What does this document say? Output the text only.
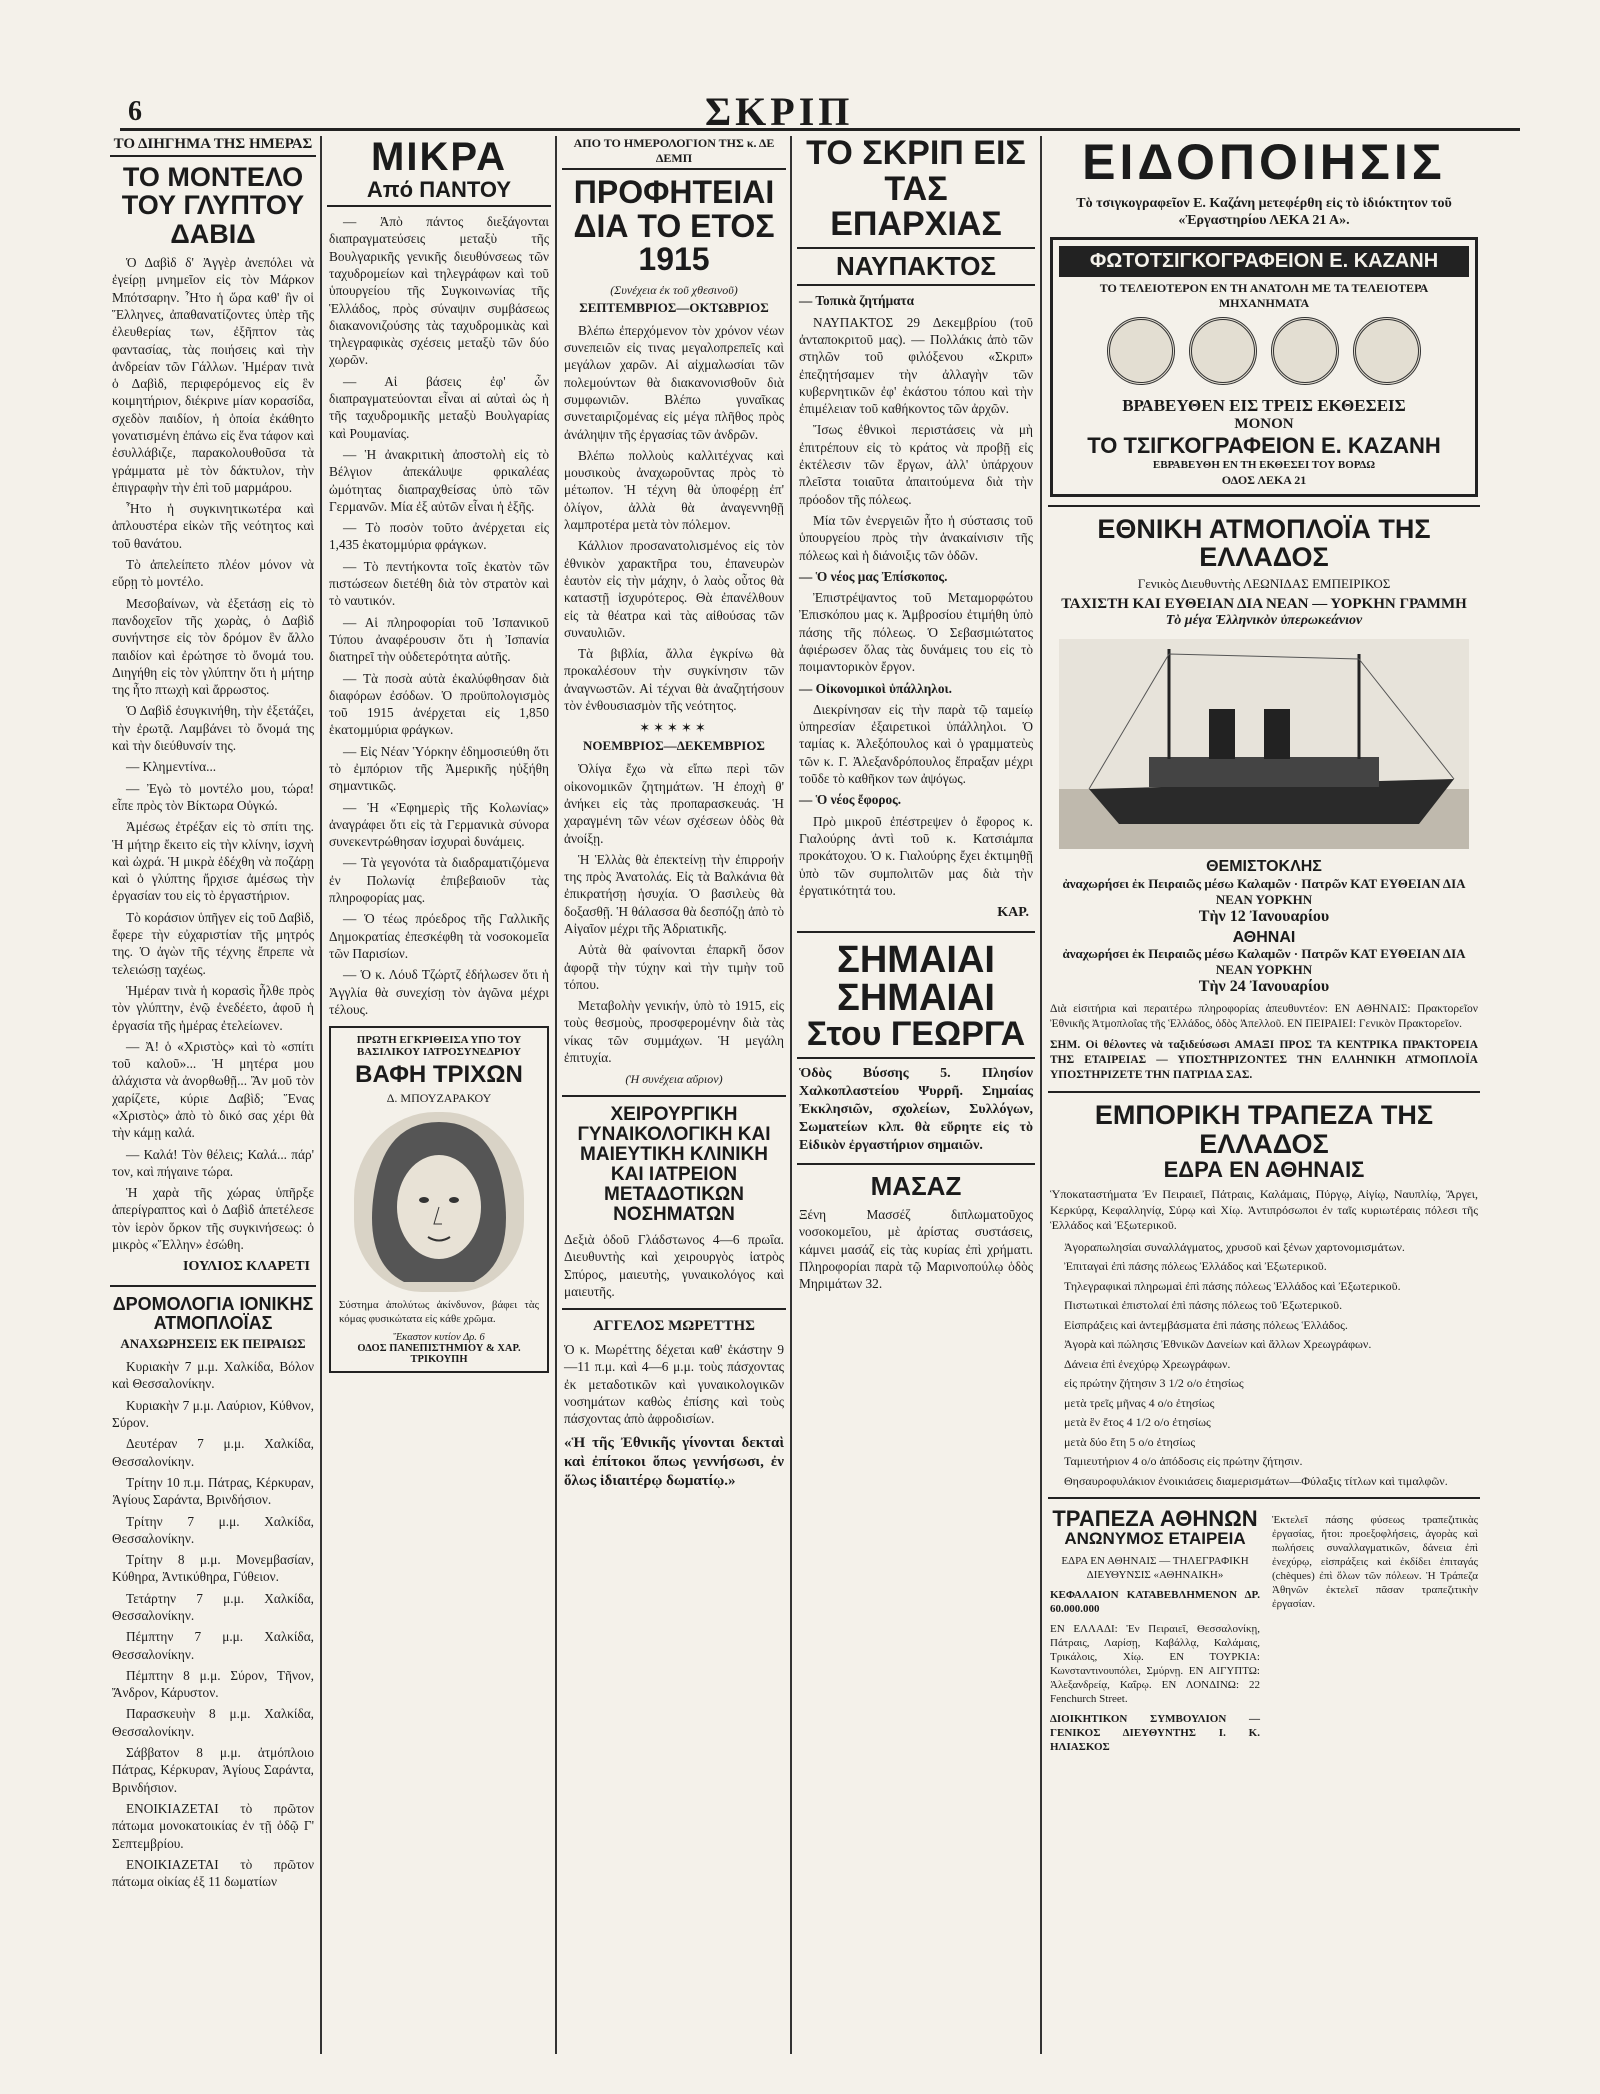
6	ΣΚΡΙΠ
ΤΟ ΔΙΗΓΗΜΑ ΤΗΣ ΗΜΕΡΑΣ
ΤΟ ΜΟΝΤΕΛΟ ΤΟΥ ΓΛΥΠΤΟΥ ΔΑΒΙΔ

Ὁ Δαβὶδ δ' Ἀγγὲρ ἀνεπόλει νὰ ἐγείρῃ μνημεῖον εἰς τὸν Μάρκον Μπότσαρην. Ἦτο ἡ ὥρα καθ' ἣν οἱ Ἕλληνες, ἀπαθανατίζοντες ὑπὲρ τῆς ἐλευθερίας των, ἐξῆπτον τὰς φαντασίας, τὰς ποιήσεις καὶ τὴν ἀνδρείαν τῶν Γάλλων. Ἡμέραν τινὰ ὁ Δαβὶδ, περιφερόμενος εἰς ἓν κοιμητήριον, διέκρινε μίαν κορασίδα, σχεδὸν παιδίον, ἡ ὁποία ἐκάθητο γονατισμένη ἐπάνω εἰς ἕνα τάφον καὶ ἐσυλλάβιζε, παρακολουθοῦσα τὰ γράμματα μὲ τὸν δάκτυλον, τὴν ἐπιγραφὴν τὴν ἐπὶ τοῦ μαρμάρου.

Ἦτο ἡ συγκινητικωτέρα καὶ ἁπλουστέρα εἰκὼν τῆς νεότητος καὶ τοῦ θανάτου.

Τὸ ἀπελείπετο πλέον μόνον νὰ εὕρῃ τὸ μοντέλο.

Μεσοβαίνων, νὰ ἐξετάσῃ εἰς τὸ πανδοχεῖον τῆς χωρὰς, ὁ Δαβὶδ συνήντησε εἰς τὸν δρόμον ἓν ἄλλο παιδίον καὶ ἐρώτησε τὸ ὄνομά του. Διηγήθη εἰς τὸν γλύπτην ὅτι ἡ μήτηρ της ἦτο πτωχὴ καὶ ἄρρωστος.

Ὁ Δαβὶδ ἐσυγκινήθη, τὴν ἐξετάζει, τὴν ἐρωτᾷ. Λαμβάνει τὸ ὄνομά της καὶ τὴν διεύθυνσίν της.

— Κλημεντίνα...

— Ἐγὼ τὸ μοντέλο μου, τώρα! εἶπε πρὸς τὸν Βίκτωρα Οὐγκώ.

Ἀμέσως ἐτρέξαν εἰς τὸ σπίτι της. Ἡ μήτηρ ἔκειτο εἰς τὴν κλίνην, ἰσχνὴ καὶ ὠχρά. Ἡ μικρὰ ἐδέχθη νὰ ποζάρῃ καὶ ὁ γλύπτης ἤρχισε ἀμέσως τὴν ἐργασίαν του εἰς τὸ ἐργαστήριον.

Τὸ κοράσιον ὑπῆγεν εἰς τοῦ Δαβὶδ, ἔφερε τὴν εὐχαριστίαν τῆς μητρός της. Ὁ ἀγὼν τῆς τέχνης ἔπρεπε νὰ τελειώσῃ ταχέως.

Ἡμέραν τινὰ ἡ κορασὶς ἦλθε πρὸς τὸν γλύπτην, ἐνῷ ἐνεδέετο, ἀφοῦ ἡ ἐργασία τῆς ἡμέρας ἐτελείωνεν.

— Ἀ! ὁ «Χριστὸς» καὶ τὸ «σπίτι τοῦ καλοῦ»... Ἡ μητέρα μου ἀλάχιστα νὰ ἀνορθωθῇ... Ἂν μοῦ τὸν χαρίζετε, κύριε Δαβὶδ; Ἕνας «Χριστὸς» ἀπὸ τὸ δικό σας χέρι θὰ τὴν κάμῃ καλά.

— Καλά! Τὸν θέλεις; Καλά... πάρ' τον, καὶ πήγαινε τώρα.

Ἡ χαρὰ τῆς χώρας ὑπῆρξε ἀπερίγραπτος καὶ ὁ Δαβὶδ ἀπετέλεσε τὸν ἱερὸν ὅρκον τῆς συγκινήσεως: ὁ μικρὸς «Ἕλλην» ἐσώθη.

ΙΟΥΛΙΟΣ ΚΛΑΡΕΤΙ
ΔΡΟΜΟΛΟΓΙΑ ΙΟΝΙΚΗΣ ΑΤΜΟΠΛΟΪΑΣ
ΑΝΑΧΩΡΗΣΕΙΣ ΕΚ ΠΕΙΡΑΙΩΣ

Κυριακὴν 7 μ.μ. Χαλκίδα, Βόλον καὶ Θεσσαλονίκην.

Κυριακὴν 7 μ.μ. Λαύριον, Κύθνον, Σύρον.

Δευτέραν 7 μ.μ. Χαλκίδα, Θεσσαλονίκην.

Τρίτην 10 π.μ. Πάτρας, Κέρκυραν, Ἁγίους Σαράντα, Βρινδήσιον.

Τρίτην 7 μ.μ. Χαλκίδα, Θεσσαλονίκην.

Τρίτην 8 μ.μ. Μονεμβασίαν, Κύθηρα, Ἀντικύθηρα, Γύθειον.

Τετάρτην 7 μ.μ. Χαλκίδα, Θεσσαλονίκην.

Πέμπτην 7 μ.μ. Χαλκίδα, Θεσσαλονίκην.

Πέμπτην 8 μ.μ. Σύρον, Τῆνον, Ἄνδρον, Κάρυστον.

Παρασκευὴν 8 μ.μ. Χαλκίδα, Θεσσαλονίκην.

Σάββατον 8 μ.μ. ἀτμόπλοιο Πάτρας, Κέρκυραν, Ἁγίους Σαράντα, Βρινδήσιον.

ΕΝΟΙΚΙΑΖΕΤΑΙ τὸ πρῶτον πάτωμα μονοκατοικίας ἐν τῇ ὁδῷ Γ' Σεπτεμβρίου.

ΕΝΟΙΚΙΑΖΕΤΑΙ τὸ πρῶτον πάτωμα οἰκίας ἐξ 11 δωματίων

ΜΙΚΡΑ
Από ΠΑΝΤΟΥ

— Ἀπὸ πάντος διεξάγονται διαπραγματεύσεις μεταξὺ τῆς Βουλγαρικῆς γενικῆς διευθύνσεως τῶν ταχυδρομείων καὶ τηλεγράφων καὶ τοῦ ὑπουργείου τῆς Συγκοινωνίας τῆς Ἑλλάδος, πρὸς σύναψιν συμβάσεως διακανονιζούσης τὰς ταχυδρομικὰς καὶ τηλεγραφικὰς σχέσεις μεταξὺ τῶν δύο χωρῶν.

— Αἱ βάσεις ἐφ' ὧν διαπραγματεύονται εἶναι αἱ αὐταὶ ὡς ἡ τῆς ταχυδρομικῆς μεταξὺ Βουλγαρίας καὶ Ρουμανίας.

— Ἡ ἀνακριτικὴ ἀποστολὴ εἰς τὸ Βέλγιον ἀπεκάλυψε φρικαλέας ὠμότητας διαπραχθείσας ὑπὸ τῶν Γερμανῶν. Μία ἐξ αὐτῶν εἶναι ἡ ἑξῆς.

— Τὸ ποσὸν τοῦτο ἀνέρχεται εἰς 1,435 ἑκατομμύρια φράγκων.

— Τὸ πεντήκοντα τοῖς ἑκατὸν τῶν πιστώσεων διετέθη διὰ τὸν στρατὸν καὶ τὸ ναυτικόν.

— Αἱ πληροφορίαι τοῦ Ἰσπανικοῦ Τύπου ἀναφέρουσιν ὅτι ἡ Ἰσπανία διατηρεῖ τὴν οὐδετερότητα αὐτῆς.

— Τὰ ποσὰ αὐτὰ ἐκαλύφθησαν διὰ διαφόρων ἐσόδων. Ὁ προϋπολογισμὸς τοῦ 1915 ἀνέρχεται εἰς 1,850 ἑκατομμύρια φράγκων.

— Εἰς Νέαν Ὑόρκην ἐδημοσιεύθη ὅτι τὸ ἐμπόριον τῆς Ἀμερικῆς ηὐξήθη σημαντικῶς.

— Ἡ «Ἐφημερὶς τῆς Κολωνίας» ἀναγράφει ὅτι εἰς τὰ Γερμανικὰ σύνορα συνεκεντρώθησαν ἰσχυραὶ δυνάμεις.

— Τὰ γεγονότα τὰ διαδραματιζόμενα ἐν Πολωνίᾳ ἐπιβεβαιοῦν τὰς πληροφορίας μας.

— Ὁ τέως πρόεδρος τῆς Γαλλικῆς Δημοκρατίας ἐπεσκέφθη τὰ νοσοκομεῖα τῶν Παρισίων.

— Ὁ κ. Λόυδ Τζώρτζ ἐδήλωσεν ὅτι ἡ Ἀγγλία θὰ συνεχίσῃ τὸν ἀγῶνα μέχρι τέλους.

ΠΡΩΤΗ ΕΓΚΡΙΘΕΙΣΑ ΥΠΟ ΤΟΥ ΒΑΣΙΛΙΚΟΥ ΙΑΤΡΟΣΥΝΕΔΡΙΟΥ
ΒΑΦΗ ΤΡΙΧΩΝ
Δ. ΜΠΟΥΖΑΡΑΚΟΥ
Σύστημα ἀπολύτως ἀκίνδυνον, βάφει τὰς κόμας φυσικώτατα εἰς κάθε χρῶμα.
Ἕκαστον κυτίον Δρ. 6
ΟΔΟΣ ΠΑΝΕΠΙΣΤΗΜΙΟΥ & ΧΑΡ. ΤΡΙΚΟΥΠΗ
ΑΠΟ ΤΟ ΗΜΕΡΟΛΟΓΙΟΝ ΤΗΣ κ. ΔΕ ΔΕΜΠ
ΠΡΟΦΗΤΕΙΑΙ ΔΙΑ ΤΟ ΕΤΟΣ 1915
(Συνέχεια ἐκ τοῦ χθεσινοῦ)
ΣΕΠΤΕΜΒΡΙΟΣ—ΟΚΤΩΒΡΙΟΣ

Βλέπω ἐπερχόμενον τὸν χρόνον νέων συνεπειῶν εἰς τινας μεγαλοπρεπεῖς καὶ μεγάλων χαρῶν. Αἱ αἰχμαλωσίαι τῶν πολεμούντων θὰ διακανονισθοῦν διὰ συμφωνιῶν. Βλέπω γυναῖκας συνεταιριζομένας εἰς μέγα πλῆθος πρὸς ἀνάληψιν τῆς ἐργασίας τῶν ἀνδρῶν.

Βλέπω πολλοὺς καλλιτέχνας καὶ μουσικοὺς ἀναχωροῦντας πρὸς τὸ μέτωπον. Ἡ τέχνη θὰ ὑποφέρῃ ἐπ' ὀλίγον, ἀλλὰ θὰ ἀναγεννηθῇ λαμπροτέρα μετὰ τὸν πόλεμον.

Κάλλιον προσανατολισμένος εἰς τὸν ἐθνικὸν χαρακτῆρα του, ἐπανευρὼν ἑαυτὸν εἰς τὴν μάχην, ὁ λαὸς οὗτος θὰ καταστῇ ἰσχυρότερος. Θὰ ἐπανέλθουν εἰς τὰ θέατρα καὶ τὰς αἰθούσας τῶν συναυλιῶν.

Τὰ βιβλία, ἄλλα ἐγκρίνω θὰ προκαλέσουν τὴν συγκίνησιν τῶν ἀναγνωστῶν. Αἱ τέχναι θὰ ἀναζητήσουν τὸν ἐνθουσιασμὸν τῆς νεότητος.

✶✶✶✶✶
ΝΟΕΜΒΡΙΟΣ—ΔΕΚΕΜΒΡΙΟΣ

Ὀλίγα ἔχω νὰ εἴπω περὶ τῶν οἰκονομικῶν ζητημάτων. Ἡ ἐποχὴ θ' ἀνήκει εἰς τὰς προπαρασκευάς. Ἡ χαραγμένη τῶν νέων σχέσεων ὁδὸς θὰ ἀνοίξῃ.

Ἡ Ἑλλὰς θὰ ἐπεκτείνῃ τὴν ἐπιρροήν της πρὸς Ἀνατολάς. Εἰς τὰ Βαλκάνια θὰ ἐπικρατήσῃ ἡσυχία. Ὁ βασιλεὺς θὰ δοξασθῇ. Ἡ θάλασσα θὰ δεσπόζῃ ἀπὸ τὸ Αἰγαῖον μέχρι τῆς Ἀδριατικῆς.

Αὐτὰ θὰ φαίνονται ἐπαρκῆ ὅσον ἀφορᾷ τὴν τύχην καὶ τὴν τιμὴν τοῦ τόπου.

Μεταβολὴν γενικήν, ὑπὸ τὸ 1915, εἰς τοὺς θεσμοὺς, προσφερομένην διὰ τὰς νίκας τῶν συμμάχων. Ἡ μεγάλη ἐπιτυχία.

(Ἡ συνέχεια αὔριον)
ΧΕΙΡΟΥΡΓΙΚΗ ΓΥΝΑΙΚΟΛΟΓΙΚΗ ΚΑΙ ΜΑΙΕΥΤΙΚΗ ΚΛΙΝΙΚΗ ΚΑΙ ΙΑΤΡΕΙΟΝ ΜΕΤΑΔΟΤΙΚΩΝ ΝΟΣΗΜΑΤΩΝ
Δεξιὰ ὁδοῦ Γλάδστωνος 4—6 πρωΐα. Διευθυντὴς καὶ χειρουργὸς ἰατρὸς Σπύρος, μαιευτὴς, γυναικολόγος καὶ μαιευτῆς.
ΑΓΓΕΛΟΣ ΜΩΡΕΤΤΗΣ
Ὁ κ. Μωρέττης δέχεται καθ' ἑκάστην 9—11 π.μ. καὶ 4—6 μ.μ. τοὺς πάσχοντας ἐκ μεταδοτικῶν καὶ γυναικολογικῶν νοσημάτων καθὼς ἐπίσης καὶ τοὺς πάσχοντας ἀπὸ ἀφροδισίων.
«Ἡ τῆς Ἐθνικῆς γίνονται δεκταὶ καὶ ἐπίτοκοι ὅπως γεννήσωσι, ἐν ὅλως ἰδιαιτέρῳ δωματίῳ.»
ΤΟ ΣΚΡΙΠ ΕΙΣ ΤΑΣ ΕΠΑΡΧΙΑΣ
ΝΑΥΠΑΚΤΟΣ

— Τοπικὰ ζητήματα

ΝΑΥΠΑΚΤΟΣ 29 Δεκεμβρίου (τοῦ ἀνταποκριτοῦ μας). — Πολλάκις ἀπὸ τῶν στηλῶν τοῦ φιλόξενου «Σκριπ» ἐπεζητήσαμεν τὴν ἀλλαγὴν τῶν κυβερνητικῶν ἐφ' ἑκάστου τόπου καὶ τὴν ἐπιμέλειαν τοῦ καθήκοντος τῶν ἀρχῶν.

Ἴσως ἐθνικοὶ περιστάσεις νὰ μὴ ἐπιτρέπουν εἰς τὸ κράτος νὰ προβῇ εἰς ἐκτέλεσιν τῶν ἔργων, ἀλλ' ὑπάρχουν πλεῖστα τοιαῦτα ἀπαιτούμενα διὰ τὴν πρόοδον τῆς πόλεως.

Μία τῶν ἐνεργειῶν ἦτο ἡ σύστασις τοῦ ὑπουργείου πρὸς τὴν ἀνακαίνισιν τῆς πόλεως καὶ ἡ διάνοιξις τῶν ὁδῶν.

— Ὁ νέος μας Ἐπίσκοπος.

Ἐπιστρέψαντος τοῦ Μεταμορφώτου Ἐπισκόπου μας κ. Ἀμβροσίου ἐτιμήθη ὑπὸ πάσης τῆς πόλεως. Ὁ Σεβασμιώτατος ἀφιέρωσεν ὅλας τὰς δυνάμεις του εἰς τὸ ποιμαντορικὸν ἔργον.

— Οἰκονομικοὶ ὑπάλληλοι.

Διεκρίνησαν εἰς τὴν παρὰ τῷ ταμείῳ ὑπηρεσίαν ἐξαιρετικοὶ ὑπάλληλοι. Ὁ ταμίας κ. Ἀλεξόπουλος καὶ ὁ γραμματεὺς τῶν κ. Γ. Ἀλεξανδρόπουλος ἔπραξαν μέχρι τοῦδε τὸ καθῆκον των ἀψόγως.

— Ὁ νέος ἔφορος.

Πρὸ μικροῦ ἐπέστρεψεν ὁ ἔφορος κ. Γιαλούρης ἀντὶ τοῦ κ. Κατσιάμπα προκάτοχου. Ὁ κ. Γιαλούρης ἔχει ἐκτιμηθῇ ὑπὸ τῶν συμπολιτῶν μας διὰ τὴν ἐργατικότητά του.

ΚΑΡ.
ΣΗΜΑΙΑΙ ΣΗΜΑΙΑΙ
Στου ΓΕΩΡΓΑ
Ὁδὸς Βύσσης 5. Πλησίον Χαλκοπλαστείου Ψυρρῆ. Σημαίας Ἐκκλησιῶν, σχολείων, Συλλόγων, Σωματείων κλπ. θὰ εὕρητε εἰς τὸ Εἰδικὸν ἐργαστήριον σημαιῶν.
ΜΑΣΑΖ
Ξένη Μασσέζ διπλωματοῦχος νοσοκομεῖου, μὲ ἀρίστας συστάσεις, κάμνει μασάζ εἰς τὰς κυρίας ἐπὶ χρήματι. Πληροφορίαι παρὰ τῷ Μαρινοπούλῳ ὁδὸς Μηριμάτων 32.
ΕΙΔΟΠΟΙΗΣΙΣ
Τὸ τσιγκογραφεῖον Ε. Καζάνη μετεφέρθη εἰς τὸ ἰδιόκτητον τοῦ «Ἐργαστηρίου ΛΕΚΑ 21 Α».
ΦΩΤΟΤΣΙΓΚΟΓΡΑΦΕΙΟΝ Ε. ΚΑΖΑΝΗ
ΤΟ ΤΕΛΕΙΟΤΕΡΟΝ ΕΝ ΤΗ ΑΝΑΤΟΛΗ ΜΕ ΤΑ ΤΕΛΕΙΟΤΕΡΑ ΜΗΧΑΝΗΜΑΤΑ

ΒΡΑΒΕΥΘΕΝ ΕΙΣ ΤΡΕΙΣ ΕΚΘΕΣΕΙΣ
ΜΟΝΟΝ
ΤΟ ΤΣΙΓΚΟΓΡΑΦΕΙΟΝ Ε. ΚΑΖΑΝΗ
ΕΒΡΑΒΕΥΘΗ ΕΝ ΤΗ ΕΚΘΕΣΕΙ ΤΟΥ ΒΟΡΔΩ
ΟΔΟΣ ΛΕΚΑ 21
ΕΘΝΙΚΗ ΑΤΜΟΠΛΟΪΑ ΤΗΣ ΕΛΛΑΔΟΣ
Γενικὸς Διευθυντὴς ΛΕΩΝΙΔΑΣ ΕΜΠΕΙΡΙΚΟΣ
ΤΑΧΙΣΤΗ ΚΑΙ ΕΥΘΕΙΑΝ ΔΙΑ ΝΕΑΝ — ΥΟΡΚΗΝ ΓΡΑΜΜΗ
Τὸ μέγα Ἑλληνικὸν ὑπερωκεάνιον
ΘΕΜΙΣΤΟΚΛΗΣ
ἀναχωρήσει ἐκ Πειραιῶς μέσω Καλαμῶν · Πατρῶν ΚΑΤ ΕΥΘΕΙΑΝ ΔΙΑ ΝΕΑΝ ΥΟΡΚΗΝ
Τὴν 12 Ἰανουαρίου
ΑΘΗΝΑΙ
ἀναχωρήσει ἐκ Πειραιῶς μέσω Καλαμῶν · Πατρῶν ΚΑΤ ΕΥΘΕΙΑΝ ΔΙΑ ΝΕΑΝ ΥΟΡΚΗΝ
Τὴν 24 Ἰανουαρίου
Διὰ εἰσιτήρια καὶ περαιτέρω πληροφορίας ἀπευθυντέον: ΕΝ ΑΘΗΝΑΙΣ: Πρακτορεῖον Ἐθνικῆς Ἀτμοπλοΐας τῆς Ἑλλάδος, ὁδὸς Ἀπελλοῦ. ΕΝ ΠΕΙΡΑΙΕΙ: Γενικὸν Πρακτορεῖον.
ΣΗΜ. Οἱ θέλοντες νὰ ταξιδεύσωσι ΑΜΑΞΙ ΠΡΟΣ ΤΑ ΚΕΝΤΡΙΚΑ ΠΡΑΚΤΟΡΕΙΑ ΤΗΣ ΕΤΑΙΡΕΙΑΣ — ΥΠΟΣΤΗΡΙΖΟΝΤΕΣ ΤΗΝ ΕΛΛΗΝΙΚΗ ΑΤΜΟΠΛΟΪΑ ΥΠΟΣΤΗΡΙΖΕΤΕ ΤΗΝ ΠΑΤΡΙΔΑ ΣΑΣ.
ΕΜΠΟΡΙΚΗ ΤΡΑΠΕΖΑ ΤΗΣ ΕΛΛΑΔΟΣ
ΕΔΡΑ ΕΝ ΑΘΗΝΑΙΣ
Ὑποκαταστήματα Ἐν Πειραιεῖ, Πάτραις, Καλάμαις, Πύργῳ, Αἰγίῳ, Ναυπλίῳ, Ἄργει, Κερκύρᾳ, Κεφαλληνίᾳ, Σύρῳ καὶ Χίῳ. Ἀντιπρόσωποι ἐν ταῖς κυριωτέραις πόλεσι τῆς Ἑλλάδος καὶ Ἐξωτερικοῦ.

Ἀγοραπωλησίαι συναλλάγματος, χρυσοῦ καὶ ξένων χαρτονομισμάτων.

Ἐπιταγαὶ ἐπὶ πάσης πόλεως Ἑλλάδος καὶ Ἐξωτερικοῦ.

Τηλεγραφικαὶ πληρωμαὶ ἐπὶ πάσης πόλεως Ἑλλάδος καὶ Ἐξωτερικοῦ.

Πιστωτικαὶ ἐπιστολαί ἐπὶ πάσης πόλεως τοῦ Ἐξωτερικοῦ.

Εἰσπράξεις καὶ ἀντεμβάσματα ἐπὶ πάσης πόλεως Ἑλλάδος.

Ἀγορὰ καὶ πώλησις Ἐθνικῶν Δανείων καὶ ἄλλων Χρεωγράφων.

Δάνεια ἐπὶ ἐνεχύρῳ Χρεωγράφων.

εἰς πρώτην ζήτησιν 3 1/2 ο/ο ἐτησίως

μετὰ τρεῖς μῆνας 4 ο/ο ἐτησίως

μετὰ ἓν ἔτος 4 1/2 ο/ο ἐτησίως

μετὰ δύο ἔτη 5 ο/ο ἐτησίως

Ταμιευτήριον 4 ο/ο ἀπόδοσις εἰς πρώτην ζήτησιν.

Θησαυροφυλάκιον ἐνοικιάσεις διαμερισμάτων—Φύλαξις τίτλων καὶ τιμαλφῶν.

ΤΡΑΠΕΖΑ ΑΘΗΝΩΝ
ΑΝΩΝΥΜΟΣ ΕΤΑΙΡΕΙΑ
ΕΔΡΑ ΕΝ ΑΘΗΝΑΙΣ — ΤΗΛΕΓΡΑΦΙΚΗ ΔΙΕΥΘΥΝΣΙΣ «ΑΘΗΝΑΙΚΗ»
ΚΕΦΑΛΑΙΟΝ ΚΑΤΑΒΕΒΛΗΜΕΝΟΝ ΔΡ. 60.000.000
ΕΝ ΕΛΛΑΔΙ: Ἐν Πειραιεῖ, Θεσσαλονίκῃ, Πάτραις, Λαρίσῃ, Καβάλλᾳ, Καλάμαις, Τρικάλοις, Χίῳ. ΕΝ ΤΟΥΡΚΙΑ: Κωνσταντινουπόλει, Σμύρνῃ. ΕΝ ΑΙΓΥΠΤΩ: Ἀλεξανδρείᾳ, Καΐρῳ. ΕΝ ΛΟΝΔΙΝΩ: 22 Fenchurch Street.
ΔΙΟΙΚΗΤΙΚΟΝ ΣΥΜΒΟΥΛΙΟΝ — ΓΕΝΙΚΟΣ ΔΙΕΥΘΥΝΤΗΣ Ι. Κ. ΗΛΙΑΣΚΟΣ
Ἐκτελεῖ πάσης φύσεως τραπεζιτικὰς ἐργασίας, ἤτοι: προεξοφλήσεις, ἀγορὰς καὶ πωλήσεις συναλλαγματικῶν, δάνεια ἐπὶ ἐνεχύρῳ, εἰσπράξεις καὶ ἐκδίδει ἐπιταγάς (chèques) ἐπὶ ὅλων τῶν πόλεων. Ἡ Τράπεζα Ἀθηνῶν ἐκτελεῖ πᾶσαν τραπεζιτικὴν ἐργασίαν.
